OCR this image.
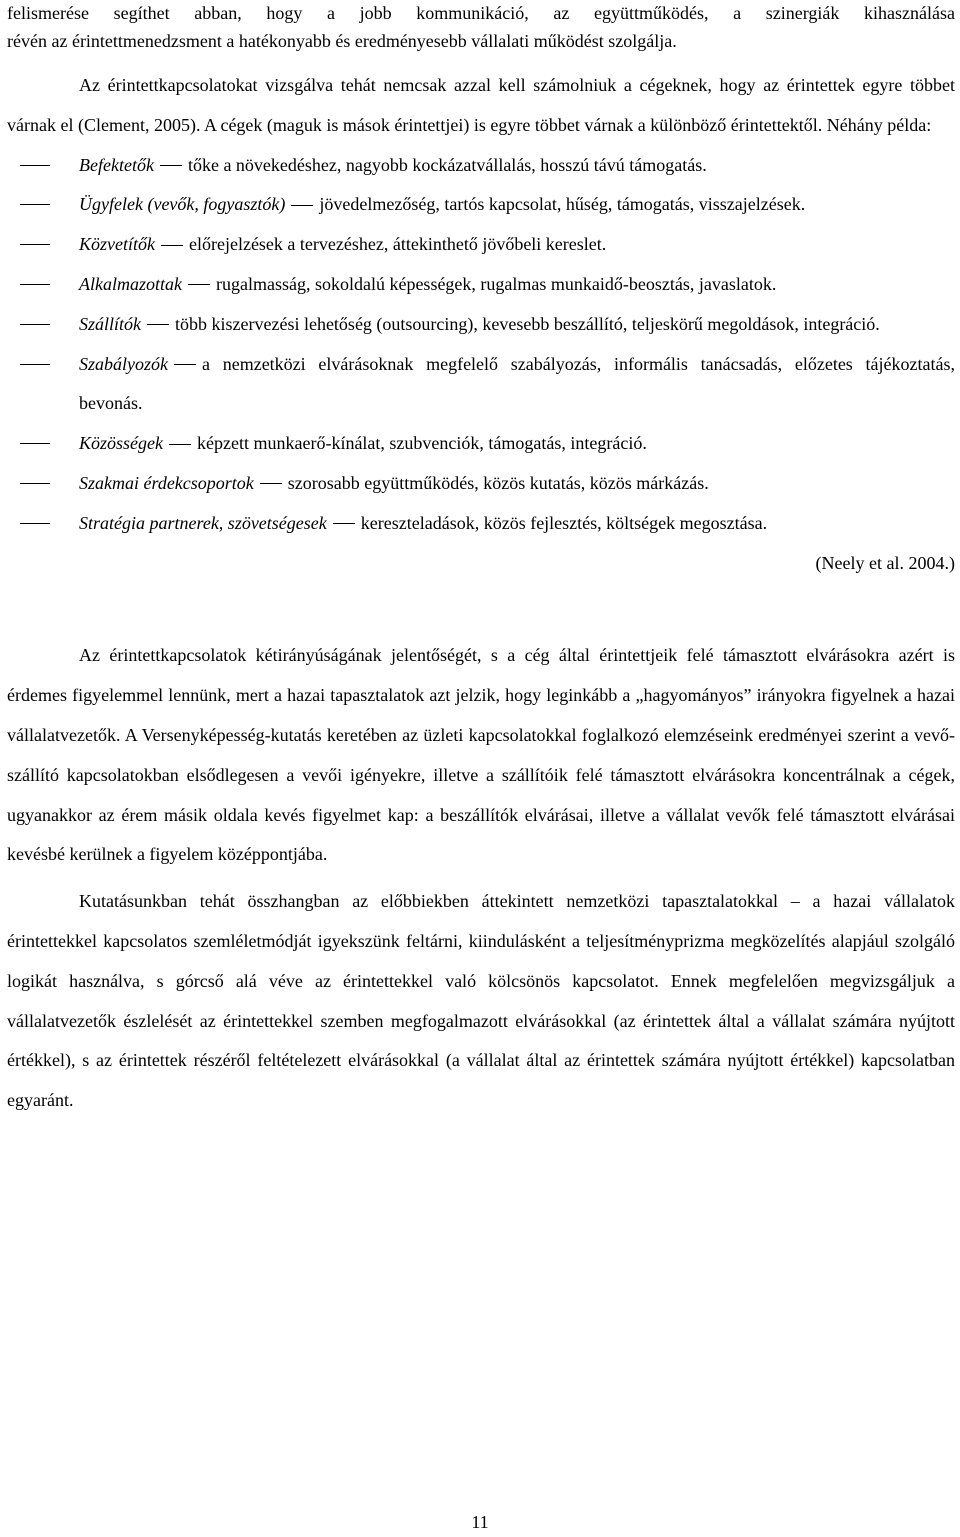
felismerése segíthet abban, hogy a jobb kommunikáció, az együttműködés, a szinergiák kihasználása
révén az érintettmenedzsment a hatékonyabb és eredményesebb vállalati működést szolgálja.

Az érintettkapcsolatokat vizsgálva tehát nemcsak azzal kell számolniuk a cégeknek, hogy az érintettek egyre többet várnak el (Clement, 2005). A cégek (maguk is mások érintettjei) is egyre többet várnak a különböző érintettektől. Néhány példa:

Befektetők tőke a növekedéshez, nagyobb kockázatvállalás, hosszú távú támogatás.
Ügyfelek (vevők, fogyasztók) jövedelmezőség, tartós kapcsolat, hűség, támogatás, visszajelzések.
Közvetítők előrejelzések a tervezéshez, áttekinthető jövőbeli kereslet.
Alkalmazottak rugalmasság, sokoldalú képességek, rugalmas munkaidő-beosztás, javaslatok.
Szállítók több kiszervezési lehetőség (outsourcing), kevesebb beszállító, teljeskörű megoldások, integráció.
Szabályozók a nemzetközi elvárásoknak megfelelő szabályozás, informális tanácsadás, előzetes tájékoztatás, bevonás.
Közösségek képzett munkaerő-kínálat, szubvenciók, támogatás, integráció.
Szakmai érdekcsoportok szorosabb együttműködés, közös kutatás, közös márkázás.
Stratégia partnerek, szövetségesek kereszteladások, közös fejlesztés, költségek megosztása.

(Neely et al. 2004.)

Az érintettkapcsolatok kétirányúságának jelentőségét, s a cég által érintettjeik felé támasztott elvárásokra azért is érdemes figyelemmel lennünk, mert a hazai tapasztalatok azt jelzik, hogy leginkább a „hagyományos” irányokra figyelnek a hazai vállalatvezetők. A Versenyképesség-kutatás keretében az üzleti kapcsolatokkal foglalkozó elemzéseink eredményei szerint a vevő-szállító kapcsolatokban elsődlegesen a vevői igényekre, illetve a szállítóik felé támasztott elvárásokra koncentrálnak a cégek, ugyanakkor az érem másik oldala kevés figyelmet kap: a beszállítók elvárásai, illetve a vállalat vevők felé támasztott elvárásai kevésbé kerülnek a figyelem középpontjába.

Kutatásunkban tehát összhangban az előbbiekben áttekintett nemzetközi tapasztalatokkal – a hazai vállalatok érintettekkel kapcsolatos szemléletmódját igyekszünk feltárni, kiindulásként a teljesítményprizma megközelítés alapjául szolgáló logikát használva, s górcső alá véve az érintettekkel való kölcsönös kapcsolatot. Ennek megfelelően megvizsgáljuk a vállalatvezetők észlelését az érintettekkel szemben megfogalmazott elvárásokkal (az érintettek által a vállalat számára nyújtott értékkel), s az érintettek részéről feltételezett elvárásokkal (a vállalat által az érintettek számára nyújtott értékkel) kapcsolatban egyaránt.

11
